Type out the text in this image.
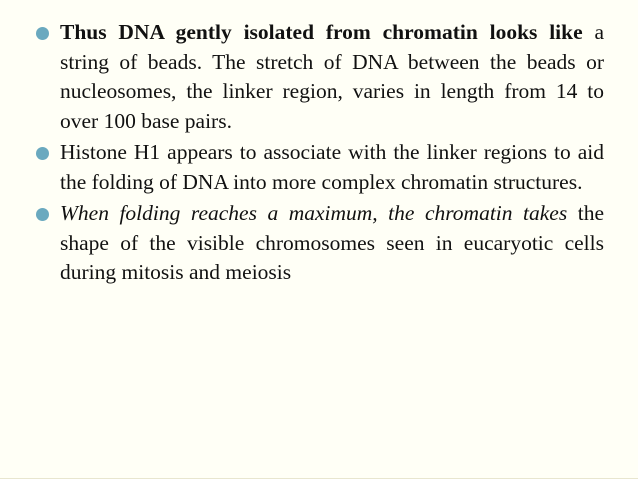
Thus DNA gently isolated from chromatin looks like a string of beads. The stretch of DNA between the beads or nucleosomes, the linker region, varies in length from 14 to over 100 base pairs.
Histone H1 appears to associate with the linker regions to aid the folding of DNA into more complex chromatin structures.
When folding reaches a maximum, the chromatin takes the shape of the visible chromosomes seen in eucaryotic cells during mitosis and meiosis
